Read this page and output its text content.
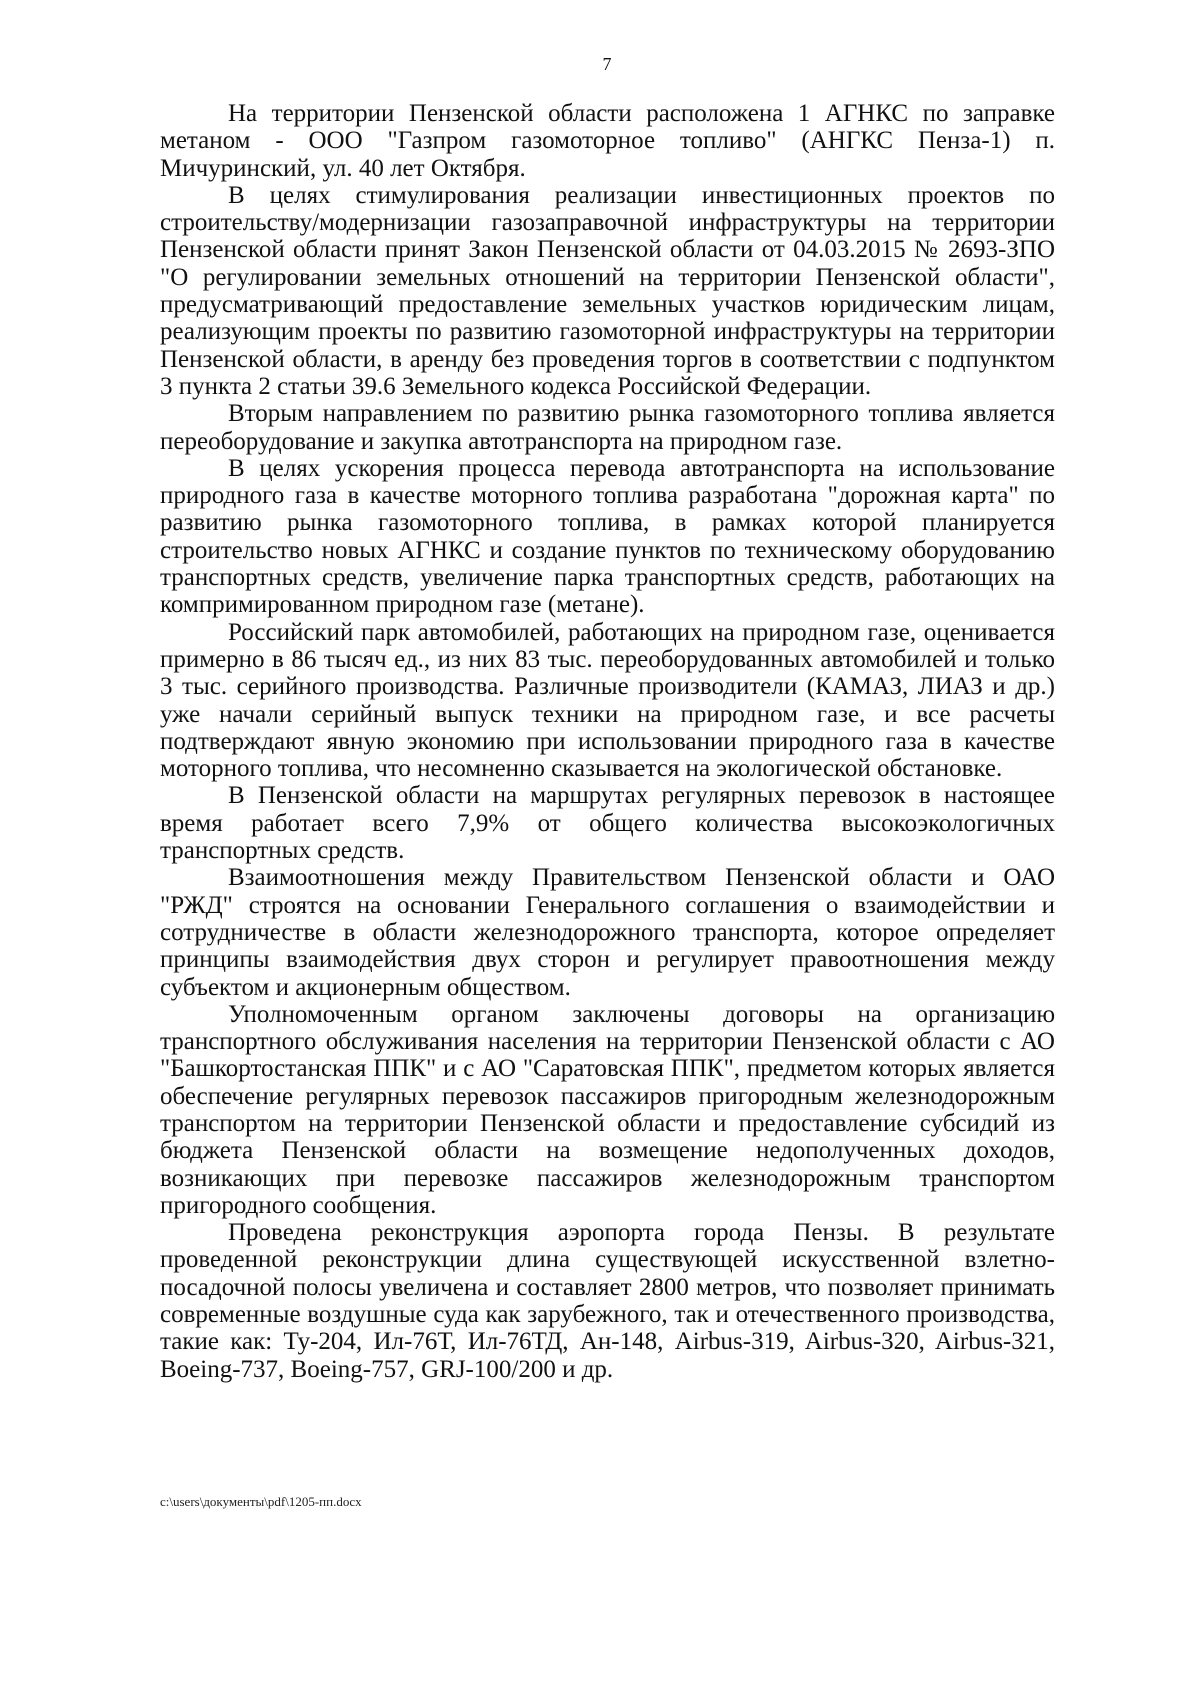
7

На территории Пензенской области расположена 1 АГНКС по заправке метаном - ООО "Газпром газомоторное топливо" (АНГКС Пенза-1) п. Мичуринский, ул. 40 лет Октября.

В целях стимулирования реализации инвестиционных проектов по строительству/модернизации газозаправочной инфраструктуры на территории Пензенской области принят Закон Пензенской области от 04.03.2015 № 2693-ЗПО "О регулировании земельных отношений на территории Пензенской области", предусматривающий предоставление земельных участков юридическим лицам, реализующим проекты по развитию газомоторной инфраструктуры на территории Пензенской области, в аренду без проведения торгов в соответствии с подпунктом 3 пункта 2 статьи 39.6 Земельного кодекса Российской Федерации.

Вторым направлением по развитию рынка газомоторного топлива является переоборудование и закупка автотранспорта на природном газе.

В целях ускорения процесса перевода автотранспорта на использование природного газа в качестве моторного топлива разработана "дорожная карта" по развитию рынка газомоторного топлива, в рамках которой планируется строительство новых АГНКС и создание пунктов по техническому оборудованию транспортных средств, увеличение парка транспортных средств, работающих на компримированном природном газе (метане).

Российский парк автомобилей, работающих на природном газе, оценивается примерно в 86 тысяч ед., из них 83 тыс. переоборудованных автомобилей и только 3 тыс. серийного производства. Различные производители (КАМАЗ, ЛИАЗ и др.) уже начали серийный выпуск техники на природном газе, и все расчеты подтверждают явную экономию при использовании природного газа в качестве моторного топлива, что несомненно сказывается на экологической обстановке.

В Пензенской области на маршрутах регулярных перевозок в настоящее время работает всего 7,9% от общего количества высокоэкологичных транспортных средств.

Взаимоотношения между Правительством Пензенской области и ОАО "РЖД" строятся на основании Генерального соглашения о взаимодействии и сотрудничестве в области железнодорожного транспорта, которое определяет принципы взаимодействия двух сторон и регулирует правоотношения между субъектом и акционерным обществом.

Уполномоченным органом заключены договоры на организацию транспортного обслуживания населения на территории Пензенской области с АО "Башкортостанская ППК" и с АО "Саратовская ППК", предметом которых является обеспечение регулярных перевозок пассажиров пригородным железнодорожным транспортом на территории Пензенской области и предоставление субсидий из бюджета Пензенской области на возмещение недополученных доходов, возникающих при перевозке пассажиров железнодорожным транспортом пригородного сообщения.

Проведена реконструкция аэропорта города Пензы. В результате проведенной реконструкции длина существующей искусственной взлетно-посадочной полосы увеличена и составляет 2800 метров, что позволяет принимать современные воздушные суда как зарубежного, так и отечественного производства, такие как: Ту-204, Ил-76Т, Ил-76ТД, Ан-148, Airbus-319, Airbus-320, Airbus-321, Boeing-737, Boeing-757, GRJ-100/200 и др.

c:\users\документы\pdf\1205-пп.docx
